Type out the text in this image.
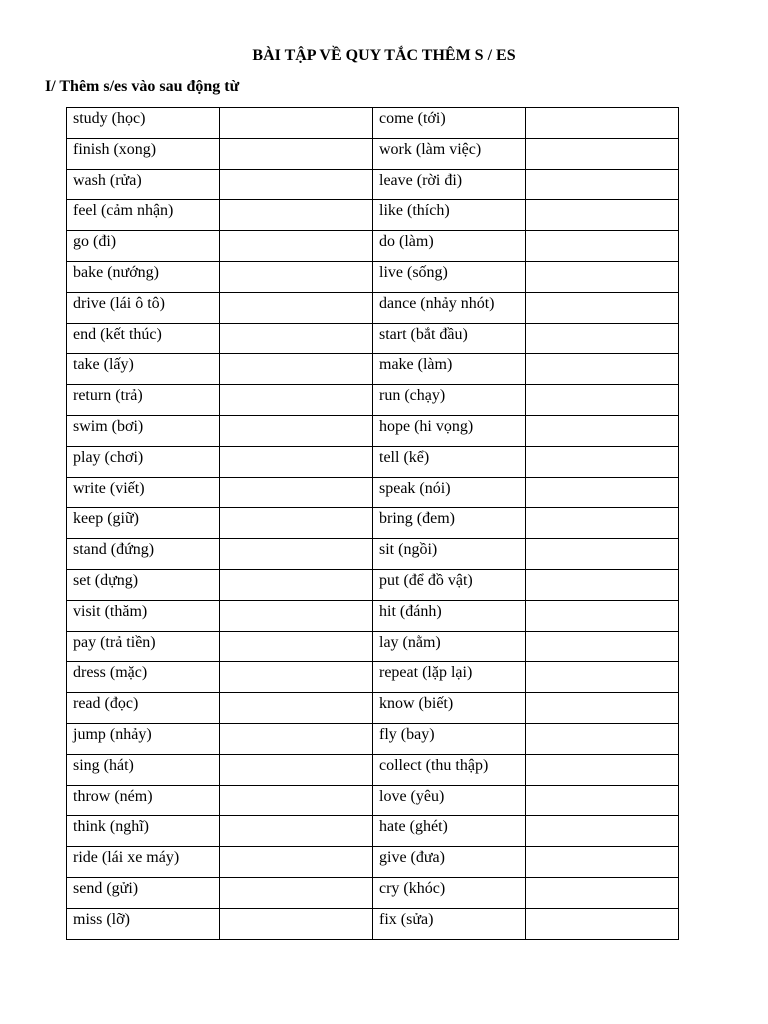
BÀI TẬP VỀ QUY TẮC THÊM S / ES
I/ Thêm s/es vào sau động từ
study (học)		come (tới)	
finish (xong)		work (làm việc)	
wash (rửa)		leave (rời đi)	
feel (cảm nhận)		like (thích)	
go (đi)		do (làm)	
bake (nướng)		live (sống)	
drive (lái ô tô)		dance (nhảy nhót)	
end (kết thúc)		start (bắt đầu)	
take (lấy)		make (làm)	
return (trả)		run (chạy)	
swim (bơi)		hope (hi vọng)	
play (chơi)		tell (kể)	
write (viết)		speak (nói)	
keep (giữ)		bring (đem)	
stand (đứng)		sit (ngồi)	
set (dựng)		put (để đồ vật)	
visit (thăm)		hit (đánh)	
pay (trả tiền)		lay (nằm)	
dress (mặc)		repeat (lặp lại)	
read (đọc)		know (biết)	
jump (nhảy)		fly (bay)	
sing (hát)		collect (thu thập)	
throw (ném)		love (yêu)	
think (nghĩ)		hate (ghét)	
ride (lái xe máy)		give (đưa)	
send (gửi)		cry (khóc)	
miss (lỡ)		fix (sửa)	
